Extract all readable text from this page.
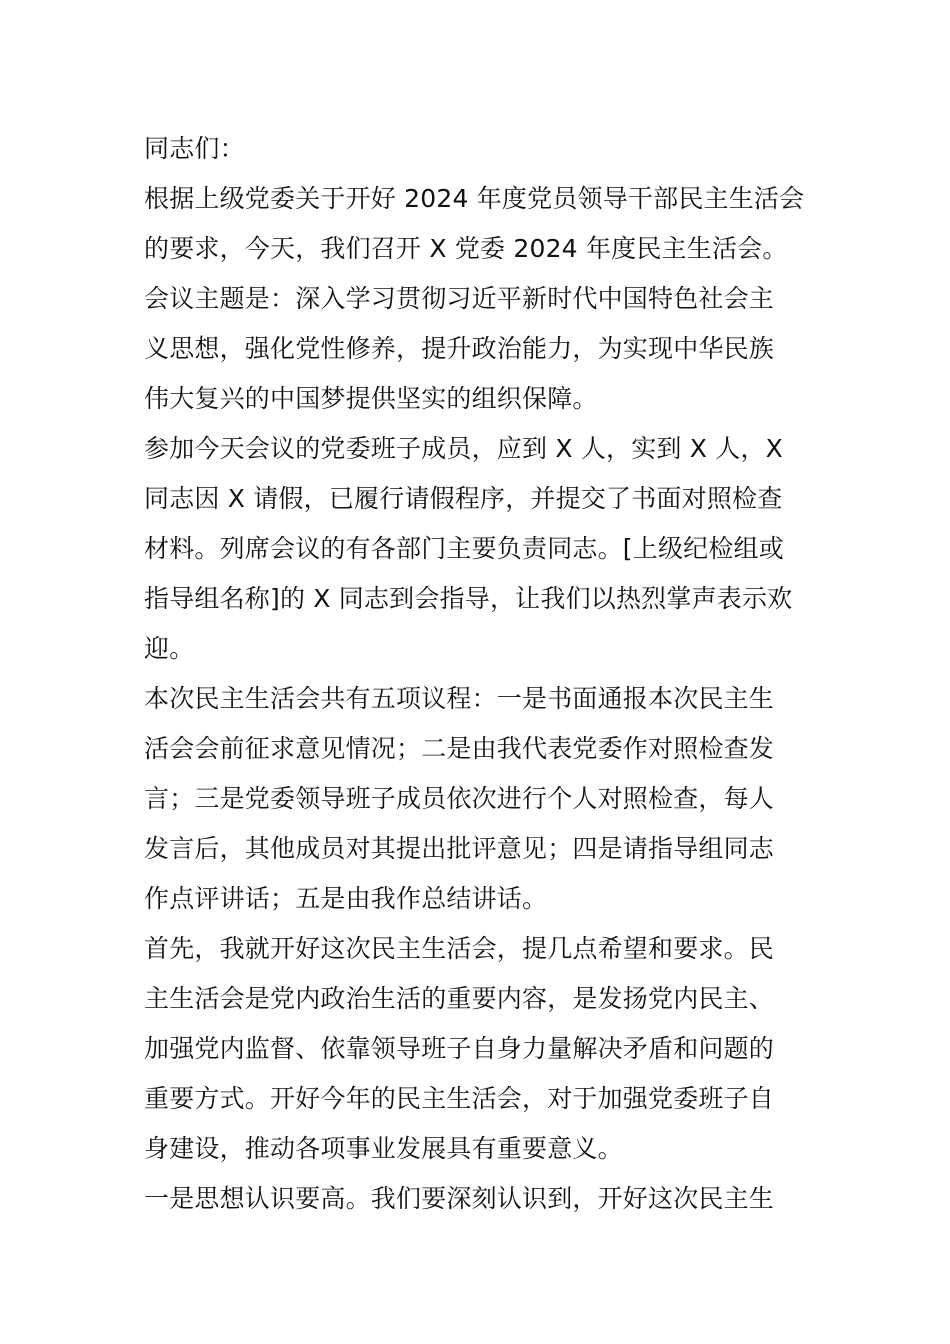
同志们：
根据上级党委关于开好 2024 年度党员领导干部民主生活会
的要求，今天，我们召开 X 党委 2024 年度民主生活会。
会议主题是：深入学习贯彻习近平新时代中国特色社会主
义思想，强化党性修养，提升政治能力，为实现中华民族
伟大复兴的中国梦提供坚实的组织保障。
参加今天会议的党委班子成员，应到 X 人，实到 X 人，X
同志因 X 请假，已履行请假程序，并提交了书面对照检查
材料。列席会议的有各部门主要负责同志。[上级纪检组或
指导组名称]的 X 同志到会指导，让我们以热烈掌声表示欢
迎。
本次民主生活会共有五项议程：一是书面通报本次民主生
活会会前征求意见情况；二是由我代表党委作对照检查发
言；三是党委领导班子成员依次进行个人对照检查，每人
发言后，其他成员对其提出批评意见；四是请指导组同志
作点评讲话；五是由我作总结讲话。
首先，我就开好这次民主生活会，提几点希望和要求。民
主生活会是党内政治生活的重要内容，是发扬党内民主、
加强党内监督、依靠领导班子自身力量解决矛盾和问题的
重要方式。开好今年的民主生活会，对于加强党委班子自
身建设，推动各项事业发展具有重要意义。
一是思想认识要高。我们要深刻认识到，开好这次民主生
